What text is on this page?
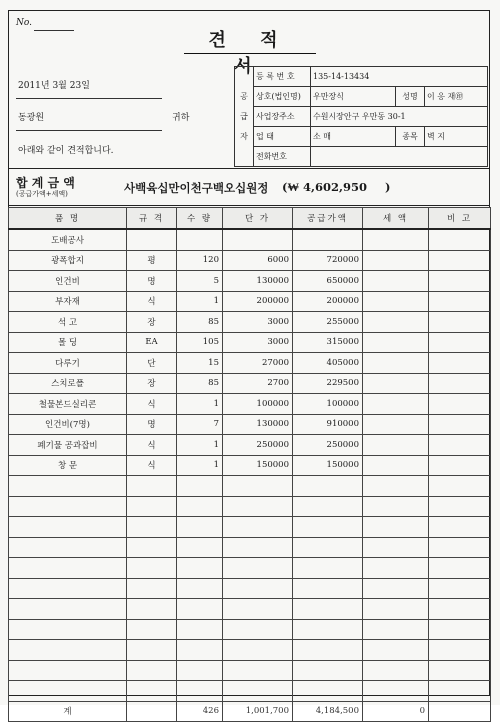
No.
견 적 서
2011년 3월 23일
동광원	귀하
아래와 같이 견적합니다.
공 급 자	등 록 번 호	135-14-13434		
	상호(법인명)	우만장식	성명	이 응 재㊞
	사업장주소	수원시장안구 우만동 30-1		
	업 태	소 매	종목	벽 지
	전화번호			
합 계 금 액
(공급가액+세액)	사백육십만이천구백오십원정 (₩ 4,602,950 )
품 명	규 격	수 량	단 가	공급가액	세 액	비 고
도배공사						
광폭합지	평	120	6000	720000		
인건비	명	5	130000	650000		
부자재	식	1	200000	200000		
석 고	장	85	3000	255000		
몰 딩	EA	105	3000	315000		
다루기	단	15	27000	405000		
스치로폴	장	85	2700	229500		
철물본드실리콘	식	1	100000	100000		
인건비(7명)	명	7	130000	910000		
폐기물 공과잡비	식	1	250000	250000		
창 문	식	1	150000	150000		

계		426	1,001,700	4,184,500	0	
